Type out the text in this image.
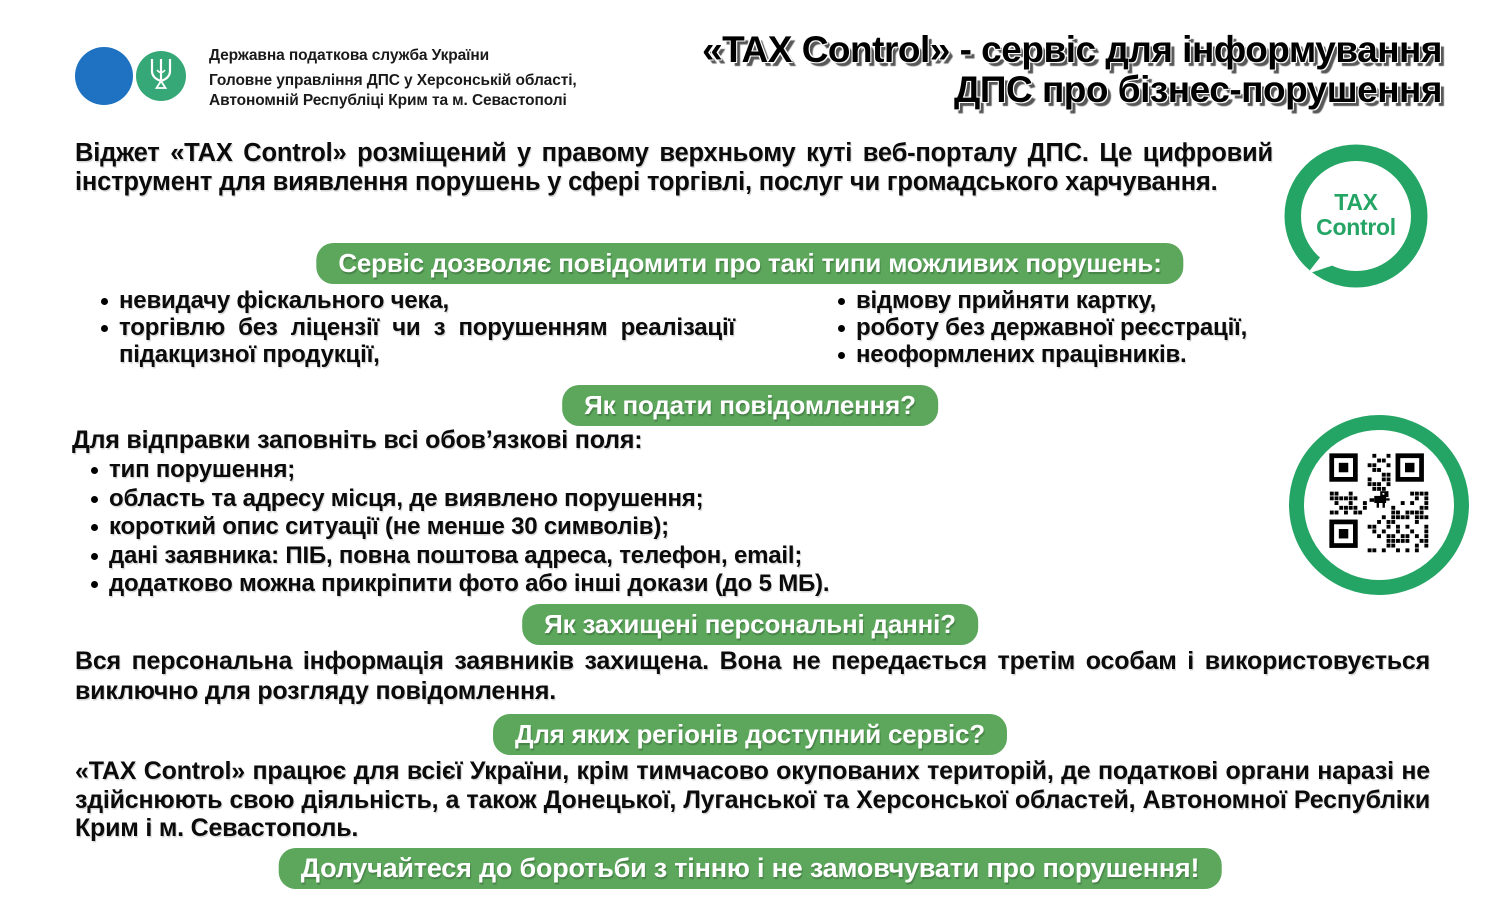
Державна податкова служба України
Головне управління ДПС у Херсонській області,
Автономній Республіці Крим та м. Севастополі
«TAX Control» - сервіс для інформування
ДПС про бізнес-порушення

Віджет «TAX Control» розміщений у правому верхньому куті веб-порталу ДПС. Це цифровий інструмент для виявлення порушень у сфері торгівлі, послуг чи громадського харчування.

TAX
Control
Сервіс дозволяє повідомити про такі типи можливих порушень:
невидачу фіскального чека,
торгівлю без ліцензії чи з порушенням реалізації підакцизної продукції,
відмову прийняти картку,
роботу без державної реєстрації,
неоформлених працівників.
Як подати повідомлення?

Для відправки заповніть всі обов’язкові поля:

тип порушення;
область та адресу місця, де виявлено порушення;
короткий опис ситуації (не менше 30 символів);
дані заявника: ПІБ, повна поштова адреса, телефон, email;
додатково можна прикріпити фото або інші докази (до 5 МБ).
Як захищені персональні данні?

Вся персональна інформація заявників захищена. Вона не передається третім особам і використовується виключно для розгляду повідомлення.

Для яких регіонів доступний сервіс?

«TAX Control» працює для всієї України, крім тимчасово окупованих територій, де податкові органи наразі не здійснюють свою діяльність, а також Донецької, Луганської та Херсонської областей, Автономної Республіки Крим і м. Севастополь.

Долучайтеся до боротьби з тінню і не замовчувати про порушення!
